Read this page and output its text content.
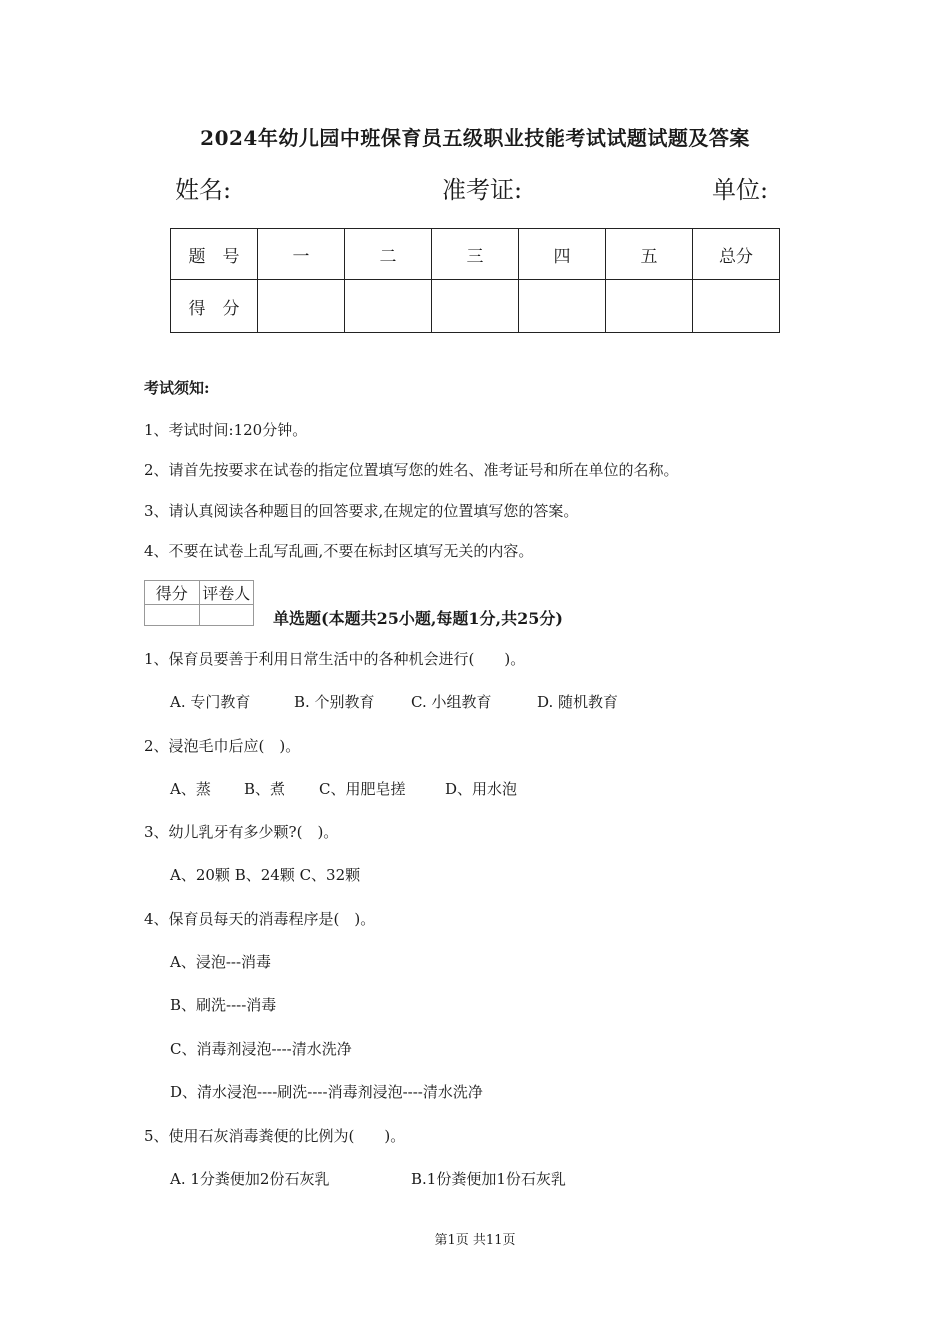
2024年幼儿园中班保育员五级职业技能考试试题试题及答案
姓名:	准考证:	单位:
题　号	一	二	三	四	五	总分
得　分						
考试须知:
1、考试时间:120分钟。
2、请首先按要求在试卷的指定位置填写您的姓名、准考证号和所在单位的名称。
3、请认真阅读各种题目的回答要求,在规定的位置填写您的答案。
4、不要在试卷上乱写乱画,不要在标封区填写无关的内容。
得分	评卷人

单选题(本题共25小题,每题1分,共25分)
1、保育员要善于利用日常生活中的各种机会进行(　　)。
A. 专门教育	B. 个别教育 C. 小组教育	D. 随机教育
2、浸泡毛巾后应(　)。
A、蒸 B、煮 C、用肥皂搓	D、用水泡
3、幼儿乳牙有多少颗?(　)。
A、20颗 B、24颗 C、32颗
4、保育员每天的消毒程序是(　)。
A、浸泡---消毒
B、刷洗----消毒
C、消毒剂浸泡----清水洗净
D、清水浸泡----刷洗----消毒剂浸泡----清水洗净
5、使用石灰消毒粪便的比例为(　　)。
A. 1分粪便加2份石灰乳	B.1份粪便加1份石灰乳
第1页 共11页
